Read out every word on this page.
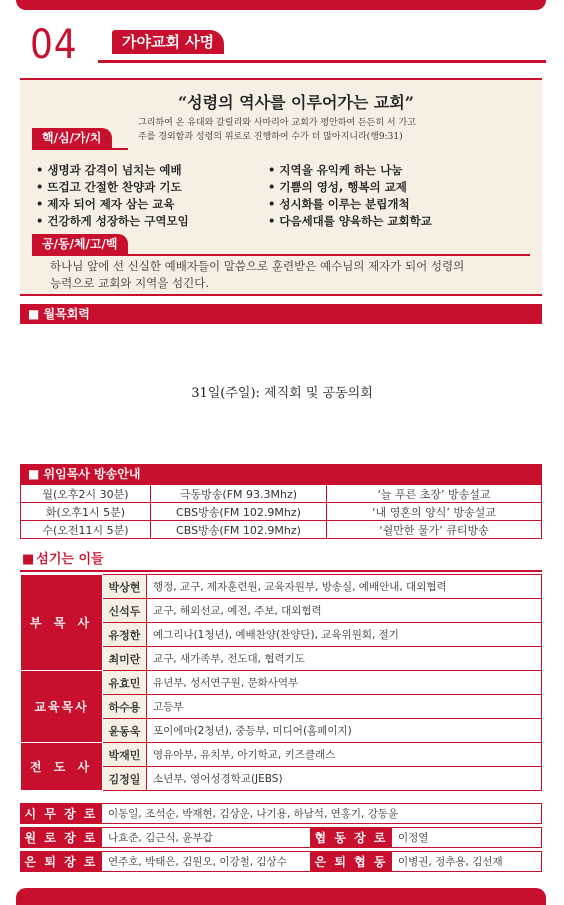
04	가야교회 사명
“성령의 역사를 이루어가는 교회”
그리하여 온 유대와 갈릴리와 사마리아 교회가 평안하여 든든히 서 가고
주를 경외함과 성령의 위로로 진행하여 수가 더 많아지니라(행9:31)
핵/심/가/치
• 생명과 감격이 넘치는 예배	• 지역을 유익케 하는 나눔
• 뜨겁고 간절한 찬양과 기도	• 기쁨의 영성, 행복의 교제
• 제자 되어 제자 삼는 교육	• 성시화를 이루는 분립개척
• 건강하게 성장하는 구역모임	• 다음세대를 양육하는 교회학교
공/동/체/고/백
하나님 앞에 선 신실한 예배자들이 말씀으로 훈련받은 예수님의 제자가 되어 성령의
능력으로 교회와 지역을 섬긴다.
■ 월목회력
31일(주일): 제직회 및 공동의회
■ 위임목사 방송안내
월(오후2시 30분)	극동방송(FM 93.3Mhz)	‘늘 푸른 초장’ 방송설교
화(오후1시 5분)	CBS방송(FM 102.9Mhz)	‘내 영혼의 양식’ 방송설교
수(오전11시 5분)	CBS방송(FM 102.9Mhz)	‘쉴만한 물가’ 큐티방송
■ 섬기는 이들
부 목 사	박상현	행정, 교구, 제자훈련원, 교육자원부, 방송실, 예배안내, 대외협력
	신석두	교구, 해외선교, 예전, 주보, 대외협력
	유정한	예그리나(1청년), 예배찬양(찬양단), 교육위원회, 절기
	최미란	교구, 새가족부, 전도대, 협력기도
교육목사	유효민	유년부, 성서연구원, 문화사역부
	하수용	고등부
	윤동욱	포이에마(2청년), 중등부, 미디어(홈페이지)
전 도 사	박재민	영유아부, 유치부, 아기학교, 키즈클래스
	김정일	소년부, 영어성경학교(JEBS)
시 무 장 로	이동일, 조석순, 박재현, 김상운, 나기용, 하남석, 연홍기, 강동윤		
원 로 장 로	나효준, 김근식, 윤부갑	협 동 장 로	이정열
은 퇴 장 로	연주호, 박태은, 김원오, 이강철, 김상수	은 퇴 협 동	이병권, 정추용, 김선재
